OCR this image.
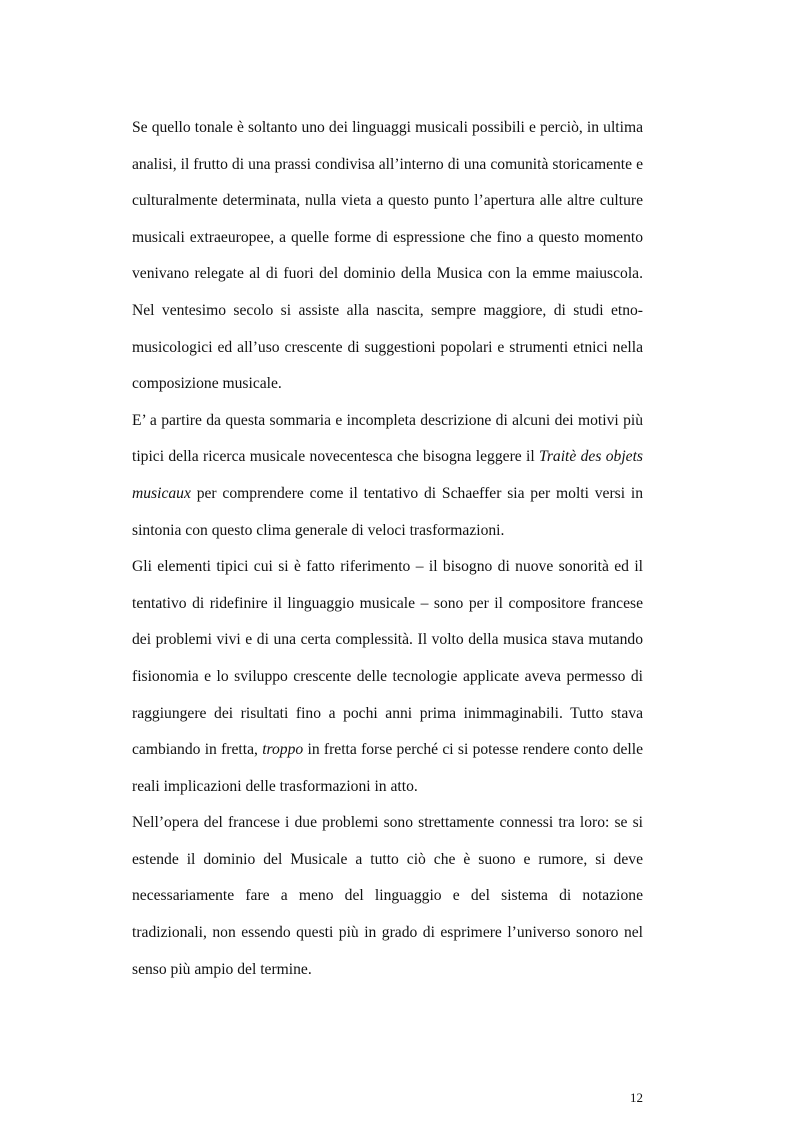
Se quello tonale è soltanto uno dei linguaggi musicali possibili e perciò, in ultima analisi, il frutto di una prassi condivisa all’interno di una comunità storicamente e culturalmente determinata, nulla vieta a questo punto l’apertura alle altre culture musicali extraeuropee, a quelle forme di espressione che fino a questo momento venivano relegate al di fuori del dominio della Musica con la emme maiuscola. Nel ventesimo secolo si assiste alla nascita, sempre maggiore, di studi etno-musicologici ed all’uso crescente di suggestioni popolari e strumenti etnici nella composizione musicale.

E’ a partire da questa sommaria e incompleta descrizione di alcuni dei motivi più tipici della ricerca musicale novecentesca che bisogna leggere il Traitè des objets musicaux per comprendere come il tentativo di Schaeffer sia per molti versi in sintonia con questo clima generale di veloci trasformazioni.

Gli elementi tipici cui si è fatto riferimento – il bisogno di nuove sonorità ed il tentativo di ridefinire il linguaggio musicale – sono per il compositore francese dei problemi vivi e di una certa complessità. Il volto della musica stava mutando fisionomia e lo sviluppo crescente delle tecnologie applicate aveva permesso di raggiungere dei risultati fino a pochi anni prima inimmaginabili. Tutto stava cambiando in fretta, troppo in fretta forse perché ci si potesse rendere conto delle reali implicazioni delle trasformazioni in atto.

Nell’opera del francese i due problemi sono strettamente connessi tra loro: se si estende il dominio del Musicale a tutto ciò che è suono e rumore, si deve necessariamente fare a meno del linguaggio e del sistema di notazione tradizionali, non essendo questi più in grado di esprimere l’universo sonoro nel senso più ampio del termine.

12
